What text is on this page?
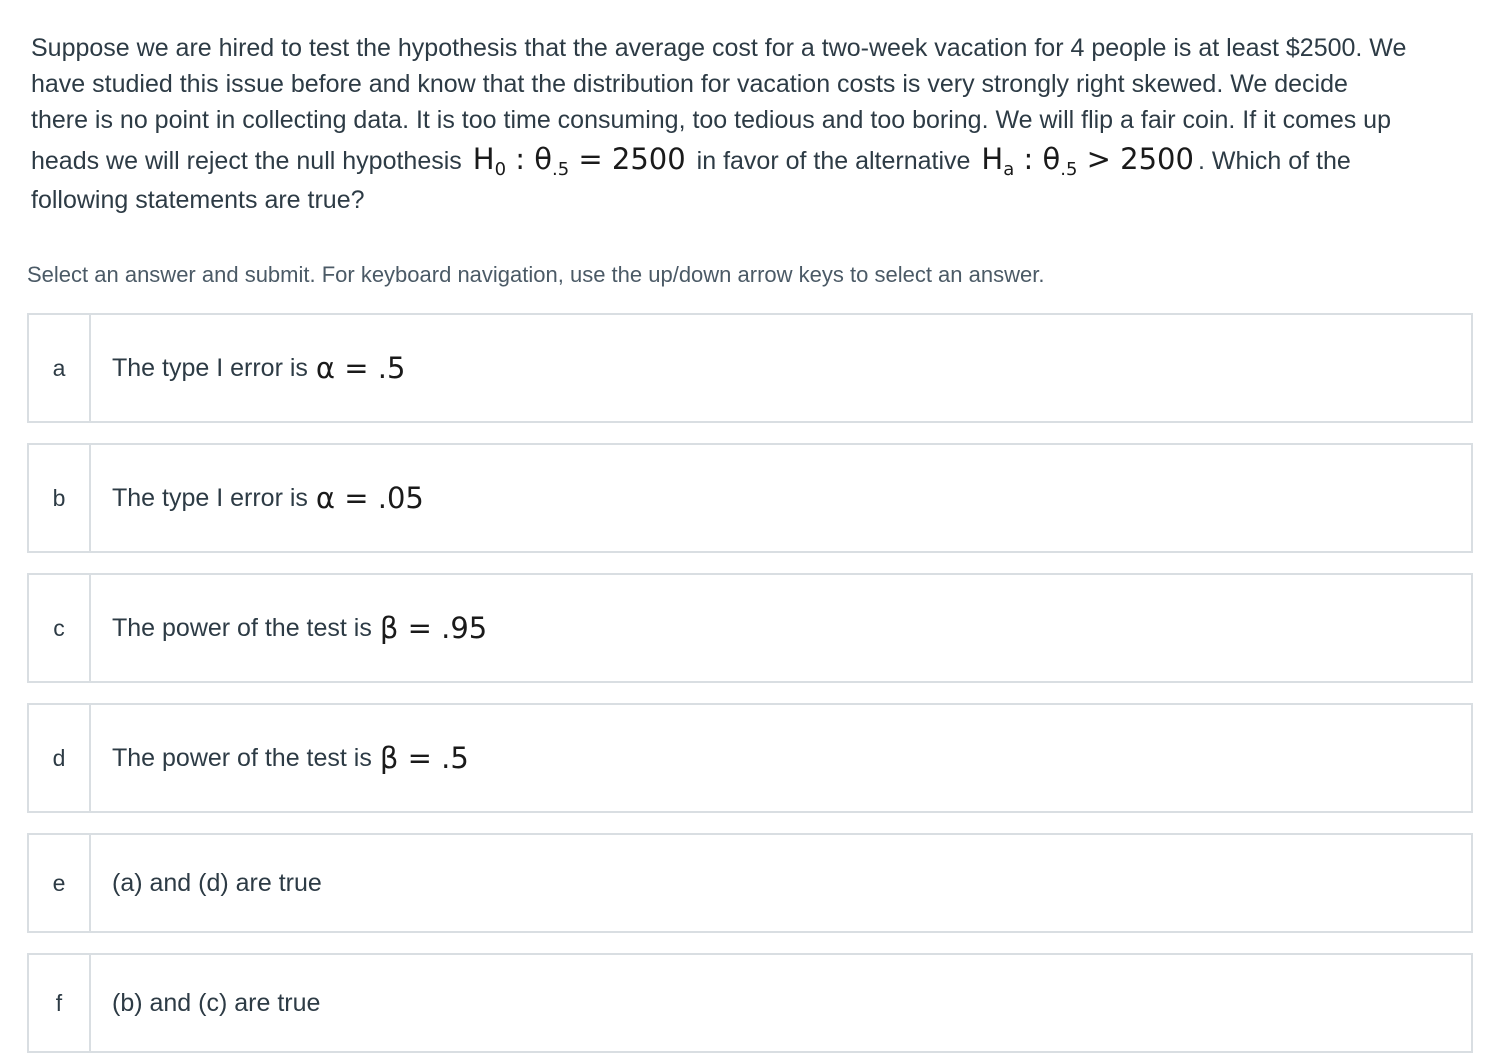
Suppose we are hired to test the hypothesis that the average cost for a two-week vacation for 4 people is at least $2500. We
have studied this issue before and know that the distribution for vacation costs is very strongly right skewed. We decide
there is no point in collecting data. It is too time consuming, too tedious and too boring. We will flip a fair coin. If it comes up
heads we will reject the null hypothesis $H_0$ : $\theta_{.5} = 2500$ in favor of the alternative $H_a$ : $\theta_{.5} > 2500$ . Which of the
following statements are true?

Select an answer and submit. For keyboard navigation, use the up/down arrow keys to select an answer.

a	The type I error is α = .5
b	The type I error is α = .05
c	The power of the test is β = .95
d	The power of the test is β = .5
e	(a) and (d) are true
f	(b) and (c) are true
